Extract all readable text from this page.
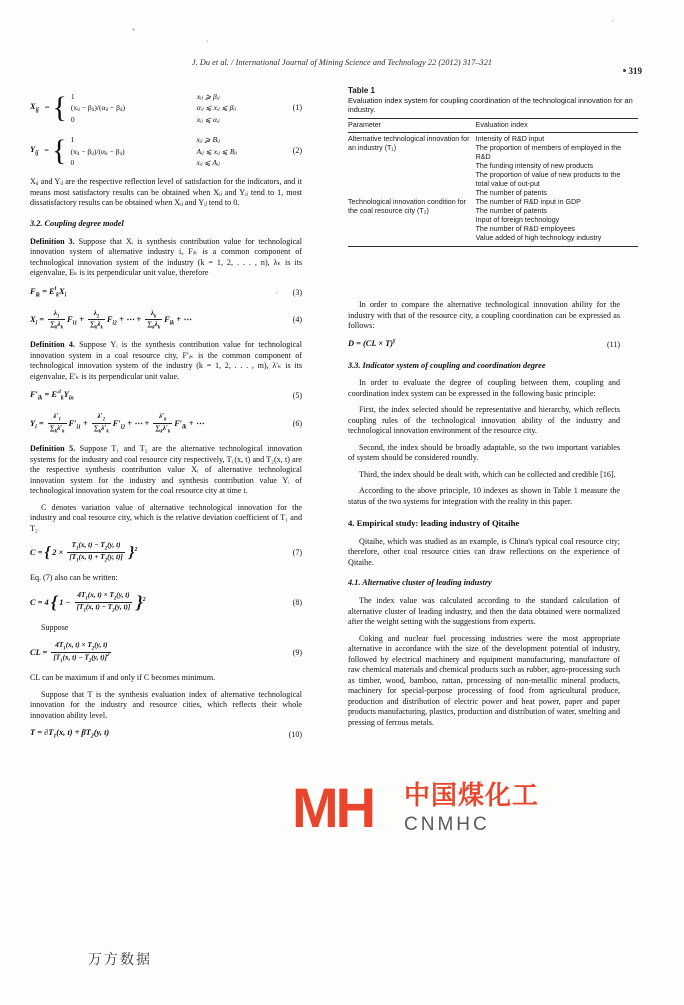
J. Du et al. / International Journal of Mining Science and Technology 22 (2012) 317–321
319
$X_{ij}$ = { 1	xᵢⱼ ⩾ βᵢⱼ
(xᵢⱼ − βᵢⱼ)/(αᵢⱼ − βᵢⱼ)	αᵢⱼ ⩽ xᵢⱼ ⩽ βᵢⱼ
0	xᵢⱼ ⩽ αᵢⱼ
(1)
$Y_{ij}$ = { 1	xᵢⱼ ⩾ Bᵢⱼ
(xᵢⱼ − βᵢⱼ)/(αᵢⱼ − βᵢⱼ)	Aᵢⱼ ⩽ xᵢⱼ ⩽ Bᵢⱼ
0	xᵢⱼ ⩽ Aᵢⱼ
(2)

Xᵢⱼ and Yᵢⱼ are the respective reflection level of satisfaction for the indicators, and it means most satisfactory results can be obtained when Xᵢⱼ and Yᵢⱼ tend to 1, most dissatisfactory results can be obtained when Xᵢⱼ and Yᵢⱼ tend to 0.

3.2. Coupling degree model

Definition 3. Suppose that Xᵢ is synthesis contribution value for technological innovation system of alternative industry i, Fᵢₖ is a common component of technological innovation system of the industry (k = 1, 2, . . . , n), λₖ is its eigenvalue, Eₖ is its perpendicular unit value, therefore

$F_{ik} = E^t_kX_i$	(3)
$X_i = \frac{\lambda_1}{\sum_k\lambda_k} F_{i1} + \frac{\lambda_2}{\sum_k\lambda_k} F_{i2}$ + ⋯ + $\frac{\lambda_k}{\sum_k\lambda_k} F_{ik}$ + ⋯	(4)

Definition 4. Suppose Yᵢ is the synthesis contribution value for technological innovation system in a coal resource city, F′ᵢₖ is the common component of technological innovation system of the industry (k = 1, 2, . . . , m), λ′ₖ is its eigenvalue, E′ₖ is its perpendicular unit value.

$F'_{ik} = E'^t_kY_{in}$	(5)
$Y_i = \frac{\lambda'_1}{\sum_k\lambda'_k} F'_{i1} + \frac{\lambda'_2}{\sum_k\lambda'_k} F'_{i2}$ + ⋯ + $\frac{\lambda'_k}{\sum_k\lambda'_k} F'_{ik}$ + ⋯	(6)

Definition 5. Suppose T₁ and T₂ are the alternative technological innovation systems for the industry and coal resource city respectively, T₁(x, t) and T₂(x, t) are the respective synthesis contribution value Xᵢ of alternative technological innovation system for the industry and synthesis contribution value Yᵢ of technological innovation system for the coal resource city at time t.

C denotes variation value of alternative technological innovation for the industry and coal resource city, which is the relative deviation coefficient of T₁ and T₂

C = { $2 \times \frac{T_1(x, t) - T_2(y, t)}{[T_1(x, t) + T_2(y, t)]} \}^2$	(7)

Eq. (7) also can be written:

C = 4 { $1 - \frac{4T_1(x, t) \times T_2(y, t)}{[T_1(x, t) - T_2(y, t)]} \}^2$	(8)

Suppose

CL = $\frac{4T_1(x, t) \times T_2(y, t)}{[T_1(x, t) - T_2(y, t)]^2}$	(9)

CL can be maximum if and only if C becomes minimum.

Suppose that T is the synthesis evaluation index of alternative technological innovation for the industry and resource cities, which reflects their whole innovation ability level.

$T = \partial T_1(x$, $t) + \beta T_2(y$, t)	(10)
Table 1
Evaluation index system for coupling coordination of the technological innovation for an industry.
Parameter	Evaluation index
Alternative technological innovation for an industry (T₁)	Intensity of R&D input
	The proportion of members of employed in the R&D
	The funding intensity of new products
	The proportion of value of new products to the total value of out-put
	The number of patents
Technological innovation condition for the coal resource city (T₂)	The number of R&D input in GDP
	The number of patents
	Input of foreign technology
	The number of R&D employees
	Value added of high technology industry

In order to compare the alternative technological innovation ability for the industry with that of the resource city, a coupling coordination can be expressed as follows:

D = (CL × T)$^\gamma$	(11)
3.3. Indicator system of coupling and coordination degree

In order to evaluate the degree of coupling between them, coupling and coordination index system can be expressed in the following basic principle:

First, the index selected should be representative and hierarchy, which reflects coupling rules of the technological innovation ability of the industry and technological innovation environment of the resource city.

Second, the index should be broadly adaptable, so the two important variables of system should be considered roundly.

Third, the index should be dealt with, which can be collected and credible [16].

According to the above principle, 10 indexes as shown in Table 1 measure the status of the two systems for integration with the reality in this paper.

4. Empirical study: leading industry of Qitaihe

Qitaihe, which was studied as an example, is China's typical coal resource city; therefore, other coal resource cities can draw reflections on the experience of Qitaihe.

4.1. Alternative cluster of leading industry

The index value was calculated according to the standard calculation of alternative cluster of leading industry, and then the data obtained were normalized after the weight setting with the suggestions from experts.

Coking and nuclear fuel processing industries were the most appropriate alternative in accordance with the size of the development potential of industry, followed by electrical machinery and equipment manufacturing, manufacture of raw chemical materials and chemical products such as rubber, agro-processing such as timber, wood, bamboo, rattan, processing of non-metallic mineral products, machinery for special-purpose processing of food from agricultural produce, production and distribution of electric power and heat power, paper and paper products manufacturing, plastics, production and distribution of water, smelting and pressing of ferrous metals.

MH 中国煤化工
CNMHC
万方数据
